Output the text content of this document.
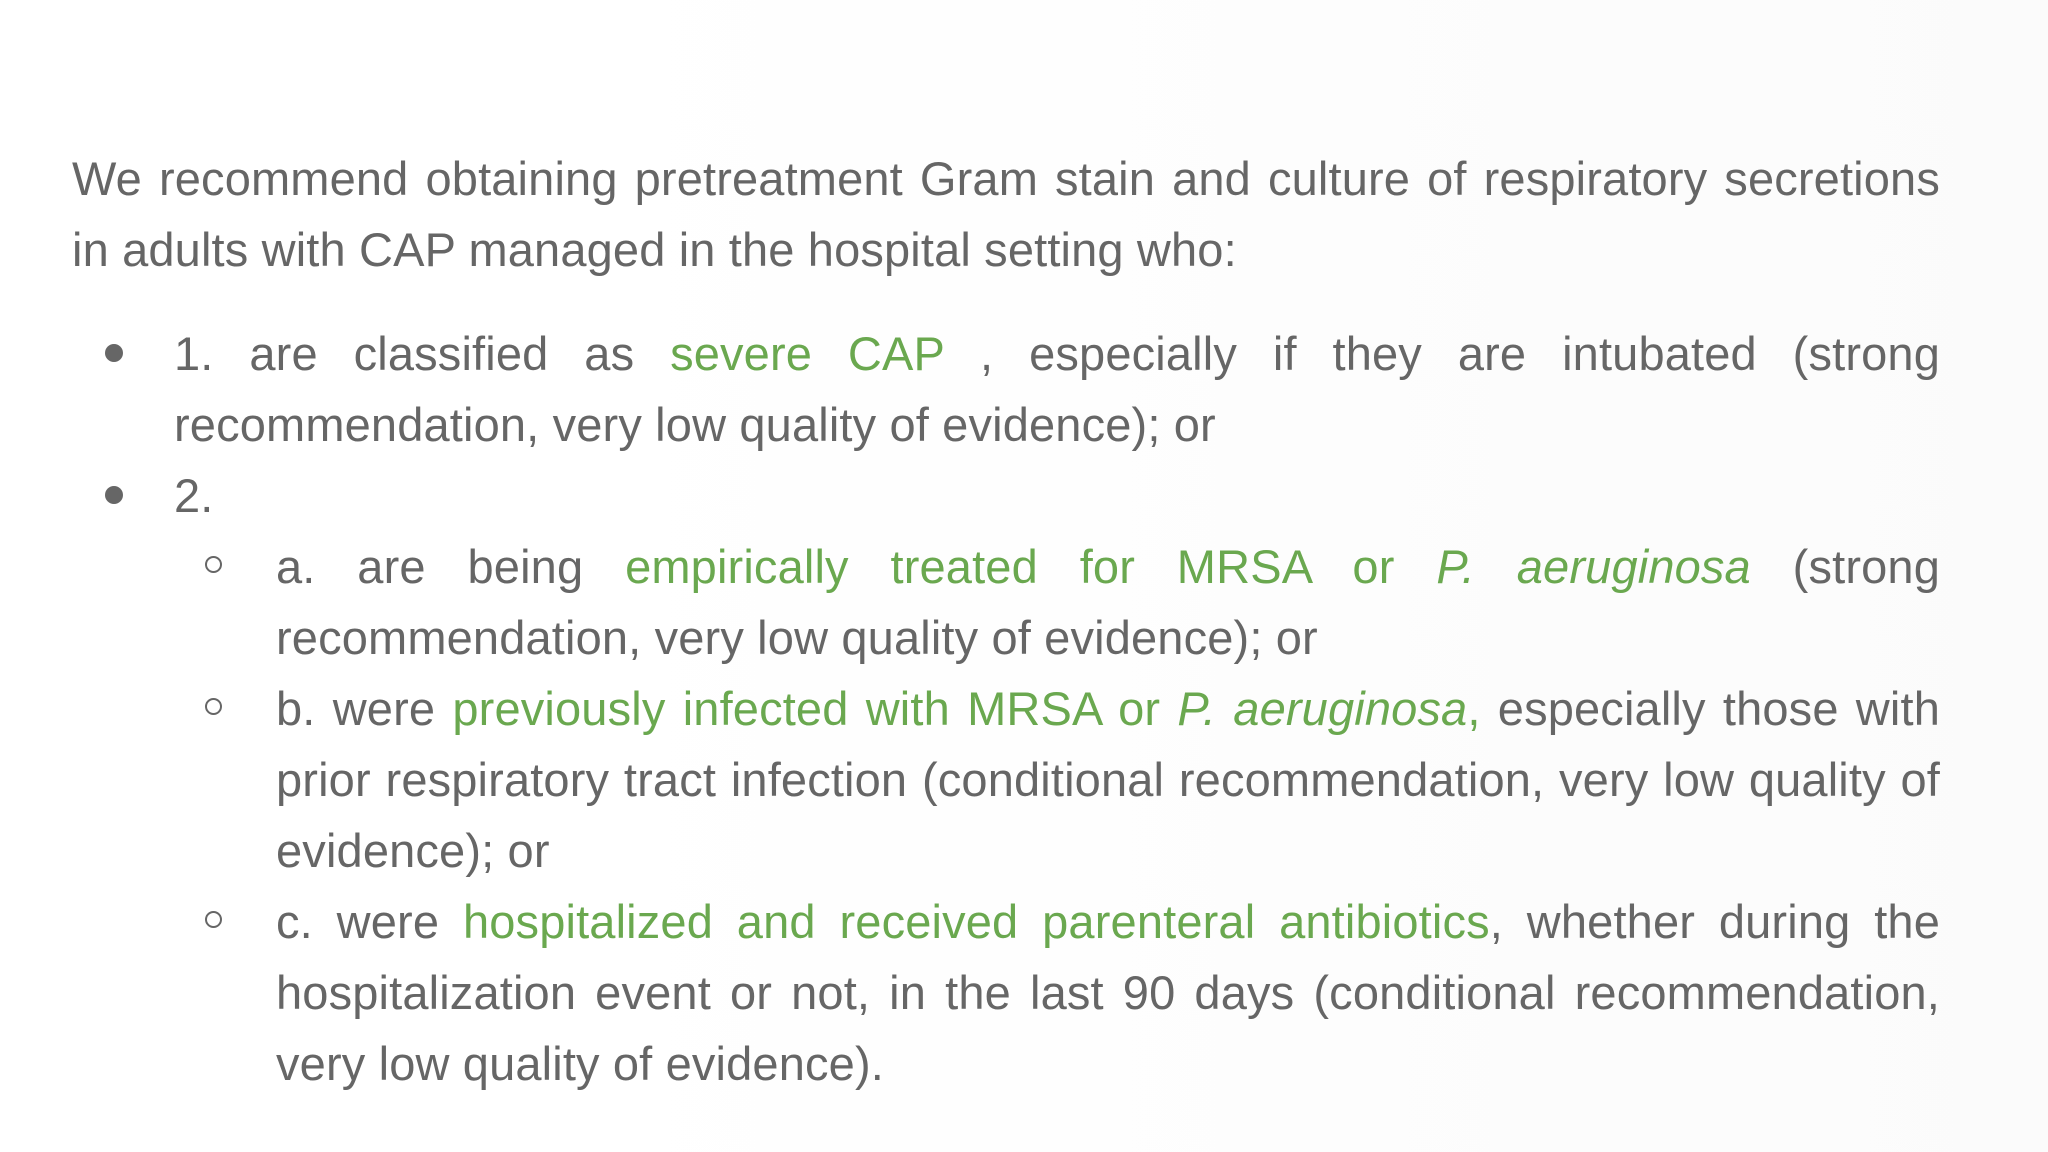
We recommend obtaining pretreatment Gram stain and culture of respiratory secretions in adults with CAP managed in the hospital setting who:

1. are classified as severe CAP , especially if they are intubated (strong recommendation, very low quality of evidence); or
2.
a. are being empirically treated for MRSA or P. aeruginosa (strong recommendation, very low quality of evidence); or
b. were previously infected with MRSA or P. aeruginosa, especially those with prior respiratory tract infection (conditional recommendation, very low quality of evidence); or
c. were hospitalized and received parenteral antibiotics, whether during the hospitalization event or not, in the last 90 days (conditional recommendation, very low quality of evidence).
